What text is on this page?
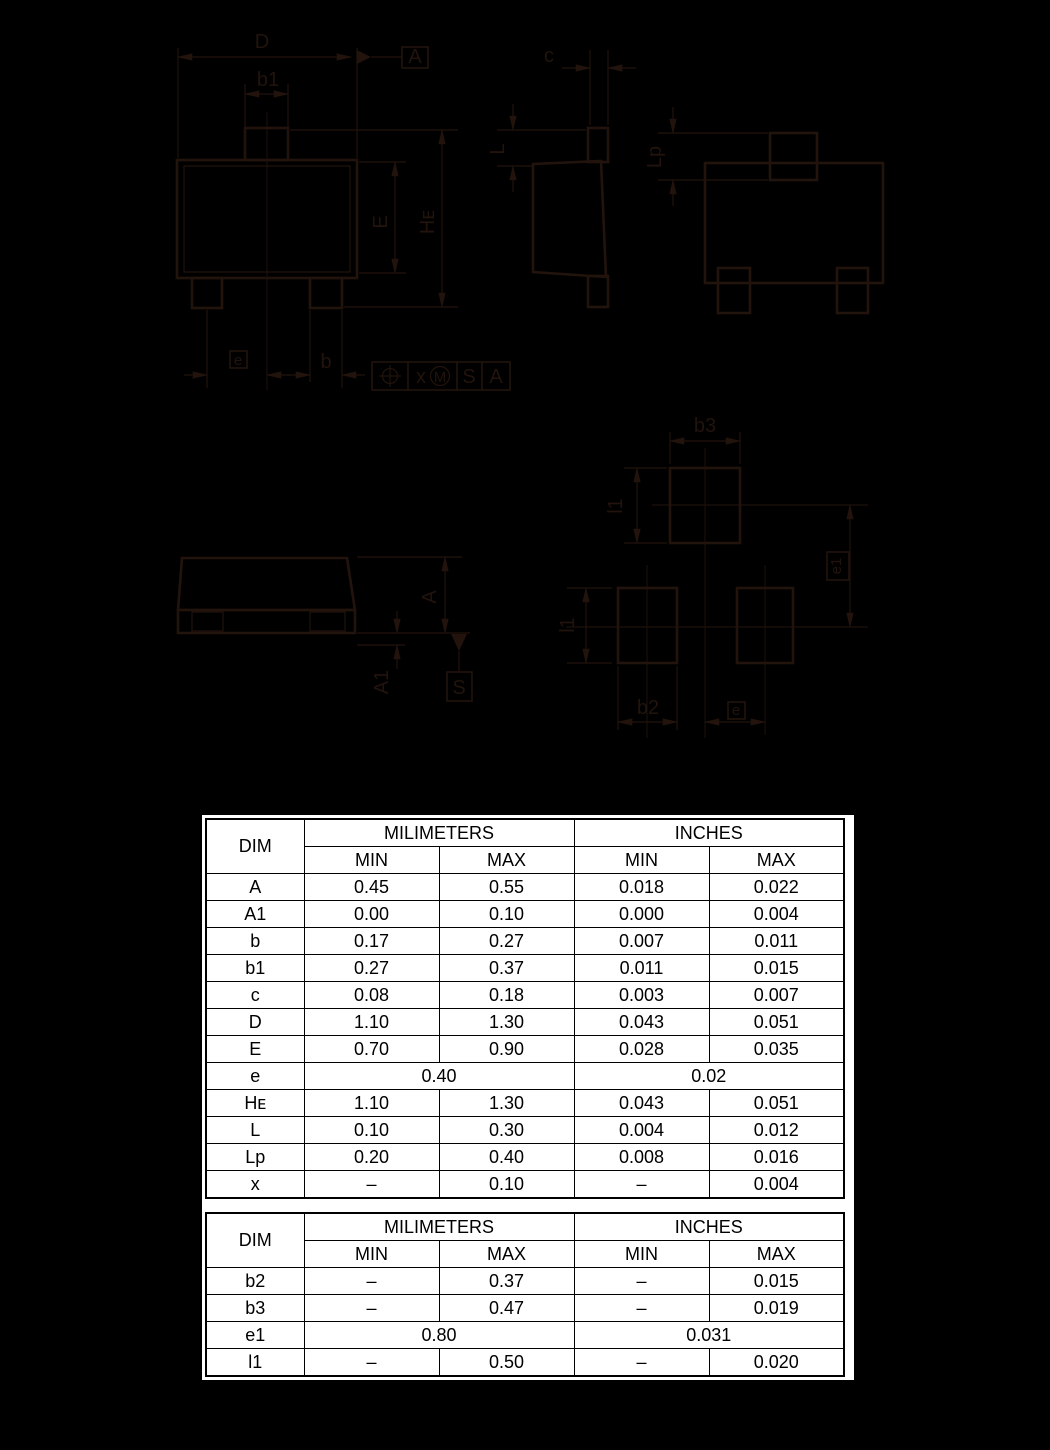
D
A
b1
E Hᴇ
e	b
x M S A
c
L	Lp
A
A1	S
b3
l1
e1
l1
b2	e
DIM	MILIMETERS		INCHES	
	MIN	MAX	MIN	MAX
A	0.45	0.55	0.018	0.022
A1	0.00	0.10	0.000	0.004
b	0.17	0.27	0.007	0.011
b1	0.27	0.37	0.011	0.015
c	0.08	0.18	0.003	0.007
D	1.10	1.30	0.043	0.051
E	0.70	0.90	0.028	0.035
e	0.40		0.02	
Hᴇ	1.10	1.30	0.043	0.051
L	0.10	0.30	0.004	0.012
Lp	0.20	0.40	0.008	0.016
x	–	0.10	–	0.004
DIM	MILIMETERS		INCHES	
	MIN	MAX	MIN	MAX
b2	–	0.37	–	0.015
b3	–	0.47	–	0.019
e1	0.80		0.031	
l1	–	0.50	–	0.020
